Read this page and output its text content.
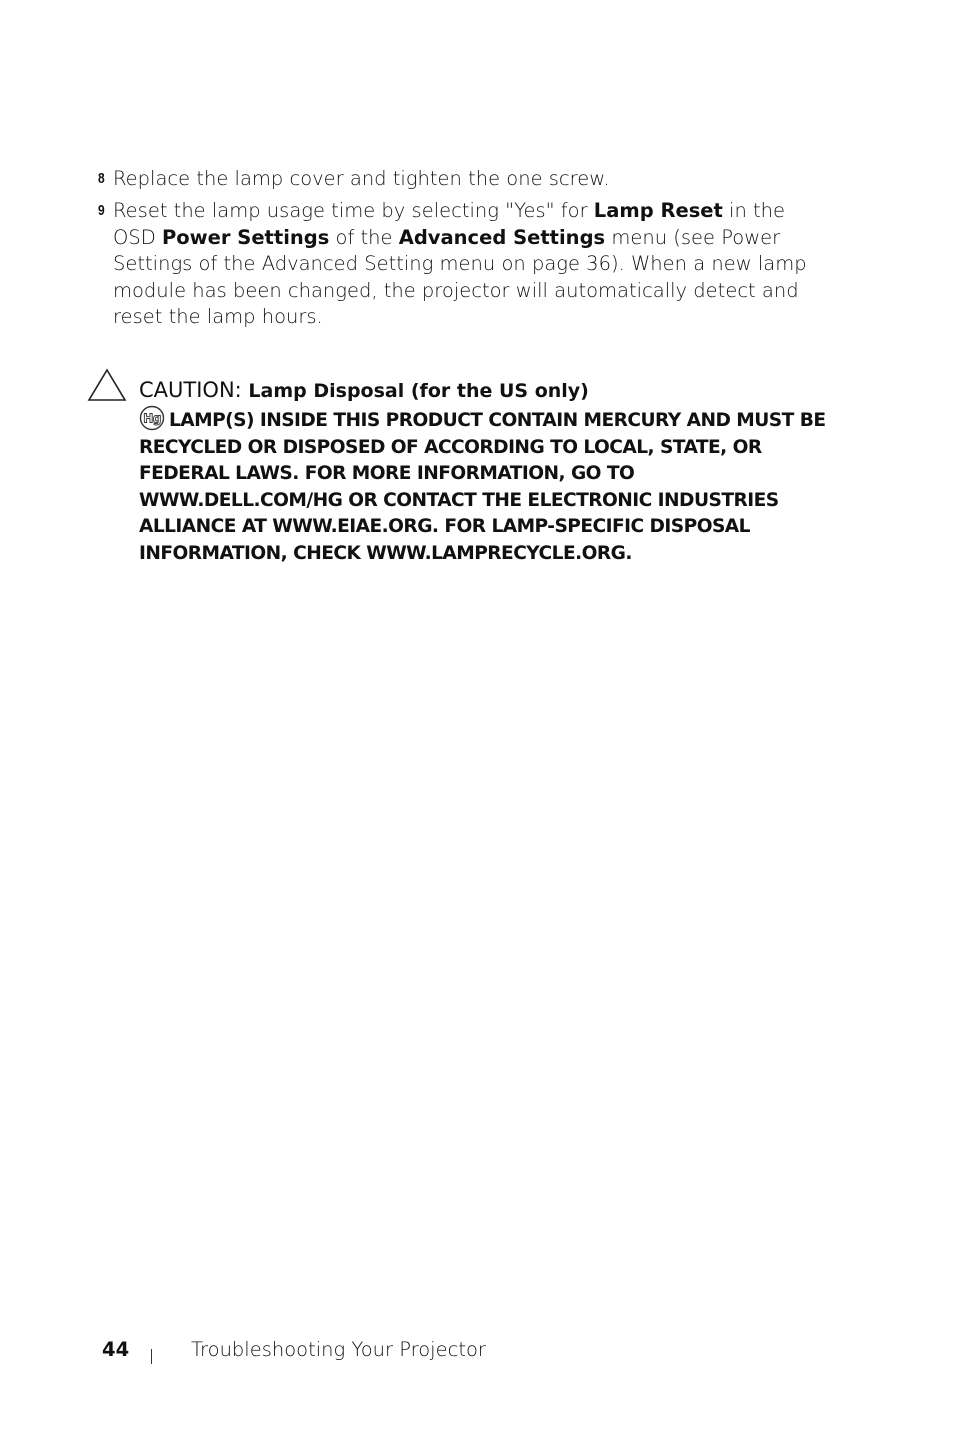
8 Replace the lamp cover and tighten the one screw.
9 Reset the lamp usage time by selecting "Yes" for Lamp Reset in the OSD Power Settings of the Advanced Settings menu (see Power Settings of the Advanced Setting menu on page 36). When a new lamp module has been changed, the projector will automatically detect and reset the lamp hours.
CAUTION: Lamp Disposal (for the US only)
Hg LAMP(S) INSIDE THIS PRODUCT CONTAIN MERCURY AND MUST BE RECYCLED OR DISPOSED OF ACCORDING TO LOCAL, STATE, OR FEDERAL LAWS. FOR MORE INFORMATION, GO TO WWW.DELL.COM/HG OR CONTACT THE ELECTRONIC INDUSTRIES ALLIANCE AT WWW.EIAE.ORG. FOR LAMP-SPECIFIC DISPOSAL INFORMATION, CHECK WWW.LAMPRECYCLE.ORG.
44	Troubleshooting Your Projector
